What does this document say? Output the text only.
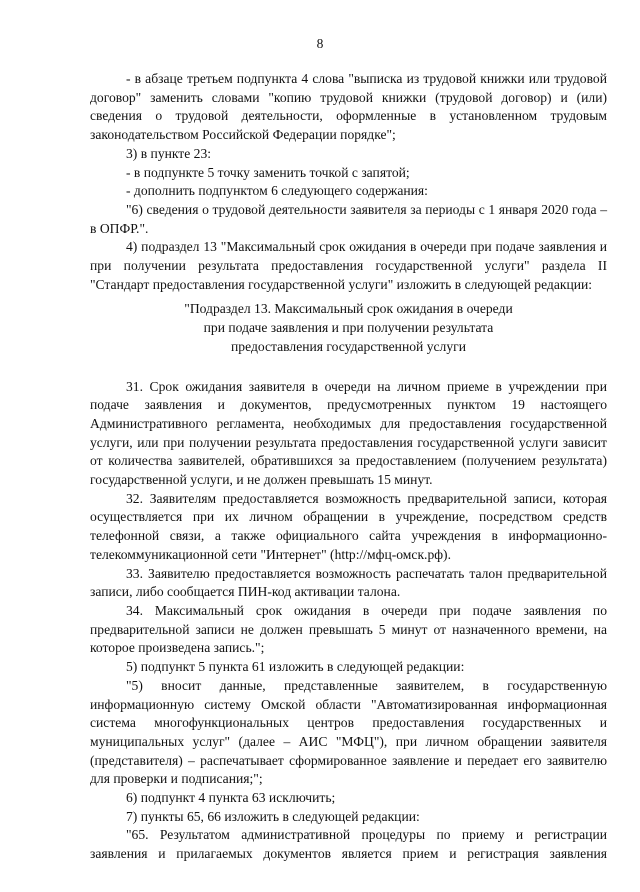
8

- в абзаце третьем подпункта 4 слова "выписка из трудовой книжки или трудовой договор" заменить словами "копию трудовой книжки (трудовой договор) и (или) сведения о трудовой деятельности, оформленные в установленном трудовым законодательством Российской Федерации порядке";

3) в пункте 23:

- в подпункте 5 точку заменить точкой с запятой;

- дополнить подпунктом 6 следующего содержания:

"6) сведения о трудовой деятельности заявителя за периоды с 1 января 2020 года – в ОПФР.".

4) подраздел 13 "Максимальный срок ожидания в очереди при подаче заявления и при получении результата предоставления государственной услуги" раздела II "Стандарт предоставления государственной услуги" изложить в следующей редакции:

"Подраздел 13. Максимальный срок ожидания в очереди
при подаче заявления и при получении результата
предоставления государственной услуги

31. Срок ожидания заявителя в очереди на личном приеме в учреждении при подаче заявления и документов, предусмотренных пунктом 19 настоящего Административного регламента, необходимых для предоставления государственной услуги, или при получении результата предоставления государственной услуги зависит от количества заявителей, обратившихся за предоставлением (получением результата) государственной услуги, и не должен превышать 15 минут.

32. Заявителям предоставляется возможность предварительной записи, которая осуществляется при их личном обращении в учреждение, посредством средств телефонной связи, а также официального сайта учреждения в информационно-телекоммуникационной сети "Интернет" (http://мфц-омск.рф).

33. Заявителю предоставляется возможность распечатать талон предварительной записи, либо сообщается ПИН-код активации талона.

34. Максимальный срок ожидания в очереди при подаче заявления по предварительной записи не должен превышать 5 минут от назначенного времени, на которое произведена запись.";

5) подпункт 5 пункта 61 изложить в следующей редакции:

"5) вносит данные, представленные заявителем, в государственную информационную систему Омской области "Автоматизированная информационная система многофункциональных центров предоставления государственных и муниципальных услуг" (далее – АИС "МФЦ"), при личном обращении заявителя (представителя) – распечатывает сформированное заявление и передает его заявителю для проверки и подписания;";

6) подпункт 4 пункта 63 исключить;

7) пункты 65, 66 изложить в следующей редакции:

"65. Результатом административной процедуры по приему и регистрации заявления и прилагаемых документов является прием и регистрация заявления
